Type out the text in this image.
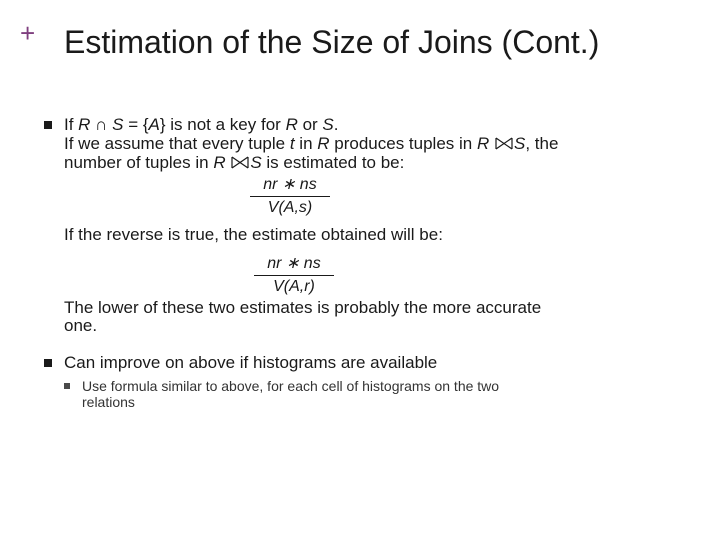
+ Estimation of the Size of Joins (Cont.)
If R ∩ S = {A} is not a key for R or S.
If we assume that every tuple t in R produces tuples in R S, the
number of tuples in R S is estimated to be:
$\frac{nr ∗ ns}{V(A,s)}$
If the reverse is true, the estimate obtained will be:
$\frac{nr ∗ ns}{V(A,r)}$
The lower of these two estimates is probably the more accurate
one.
Can improve on above if histograms are available
Use formula similar to above, for each cell of histograms on the two
relations
